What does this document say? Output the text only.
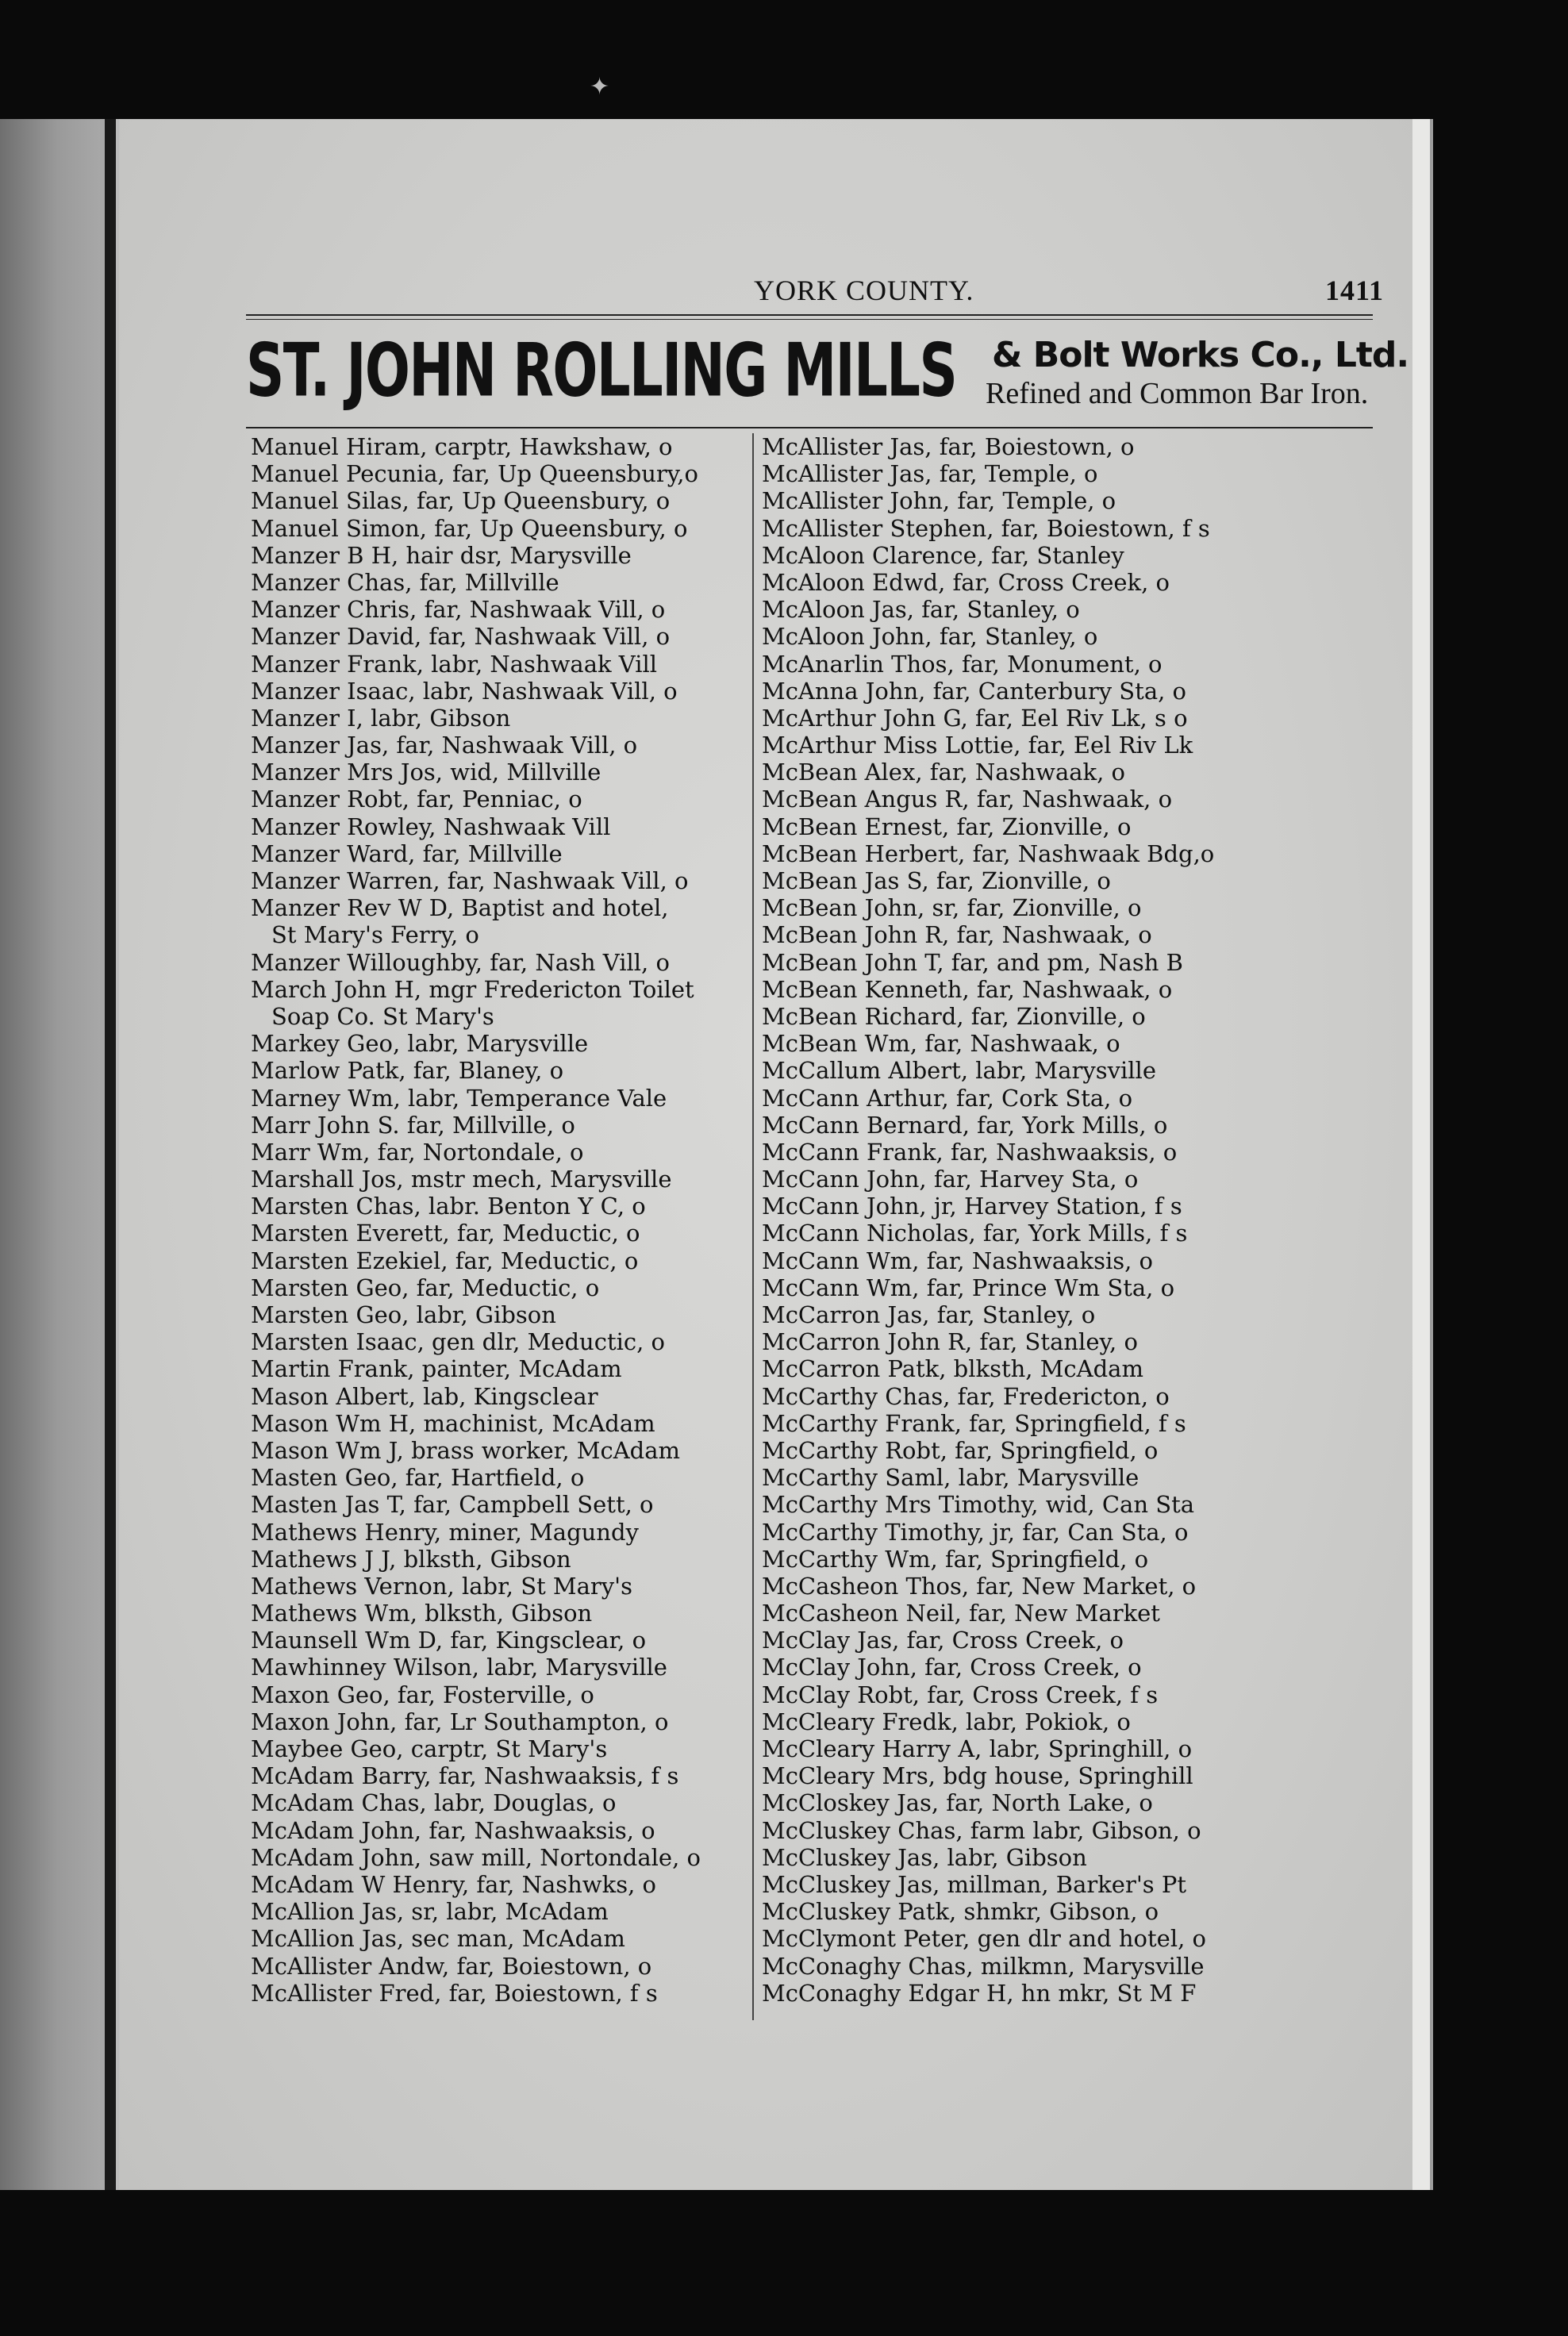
✦
YORK COUNTY.	1411
ST. JOHN ROLLING MILLS & Bolt Works Co., Ltd.
Refined and Common Bar Iron.
Manuel Hiram, carptr, Hawkshaw, o
Manuel Pecunia, far, Up Queensbury,o
Manuel Silas, far, Up Queensbury, o
Manuel Simon, far, Up Queensbury, o
Manzer B H, hair dsr, Marysville
Manzer Chas, far, Millville
Manzer Chris, far, Nashwaak Vill, o
Manzer David, far, Nashwaak Vill, o
Manzer Frank, labr, Nashwaak Vill
Manzer Isaac, labr, Nashwaak Vill, o
Manzer I, labr, Gibson
Manzer Jas, far, Nashwaak Vill, o
Manzer Mrs Jos, wid, Millville
Manzer Robt, far, Penniac, o
Manzer Rowley, Nashwaak Vill
Manzer Ward, far, Millville
Manzer Warren, far, Nashwaak Vill, o
Manzer Rev W D, Baptist and hotel,
St Mary's Ferry, o
Manzer Willoughby, far, Nash Vill, o
March John H, mgr Fredericton Toilet
Soap Co. St Mary's
Markey Geo, labr, Marysville
Marlow Patk, far, Blaney, o
Marney Wm, labr, Temperance Vale
Marr John S. far, Millville, o
Marr Wm, far, Nortondale, o
Marshall Jos, mstr mech, Marysville
Marsten Chas, labr. Benton Y C, o
Marsten Everett, far, Meductic, o
Marsten Ezekiel, far, Meductic, o
Marsten Geo, far, Meductic, o
Marsten Geo, labr, Gibson
Marsten Isaac, gen dlr, Meductic, o
Martin Frank, painter, McAdam
Mason Albert, lab, Kingsclear
Mason Wm H, machinist, McAdam
Mason Wm J, brass worker, McAdam
Masten Geo, far, Hartfield, o
Masten Jas T, far, Campbell Sett, o
Mathews Henry, miner, Magundy
Mathews J J, blksth, Gibson
Mathews Vernon, labr, St Mary's
Mathews Wm, blksth, Gibson
Maunsell Wm D, far, Kingsclear, o
Mawhinney Wilson, labr, Marysville
Maxon Geo, far, Fosterville, o
Maxon John, far, Lr Southampton, o
Maybee Geo, carptr, St Mary's
McAdam Barry, far, Nashwaaksis, f s
McAdam Chas, labr, Douglas, o
McAdam John, far, Nashwaaksis, o
McAdam John, saw mill, Nortondale, o
McAdam W Henry, far, Nashwks, o
McAllion Jas, sr, labr, McAdam
McAllion Jas, sec man, McAdam
McAllister Andw, far, Boiestown, o
McAllister Fred, far, Boiestown, f s
McAllister Jas, far, Boiestown, o
McAllister Jas, far, Temple, o
McAllister John, far, Temple, o
McAllister Stephen, far, Boiestown, f s
McAloon Clarence, far, Stanley
McAloon Edwd, far, Cross Creek, o
McAloon Jas, far, Stanley, o
McAloon John, far, Stanley, o
McAnarlin Thos, far, Monument, o
McAnna John, far, Canterbury Sta, o
McArthur John G, far, Eel Riv Lk, s o
McArthur Miss Lottie, far, Eel Riv Lk
McBean Alex, far, Nashwaak, o
McBean Angus R, far, Nashwaak, o
McBean Ernest, far, Zionville, o
McBean Herbert, far, Nashwaak Bdg,o
McBean Jas S, far, Zionville, o
McBean John, sr, far, Zionville, o
McBean John R, far, Nashwaak, o
McBean John T, far, and pm, Nash B
McBean Kenneth, far, Nashwaak, o
McBean Richard, far, Zionville, o
McBean Wm, far, Nashwaak, o
McCallum Albert, labr, Marysville
McCann Arthur, far, Cork Sta, o
McCann Bernard, far, York Mills, o
McCann Frank, far, Nashwaaksis, o
McCann John, far, Harvey Sta, o
McCann John, jr, Harvey Station, f s
McCann Nicholas, far, York Mills, f s
McCann Wm, far, Nashwaaksis, o
McCann Wm, far, Prince Wm Sta, o
McCarron Jas, far, Stanley, o
McCarron John R, far, Stanley, o
McCarron Patk, blksth, McAdam
McCarthy Chas, far, Fredericton, o
McCarthy Frank, far, Springfield, f s
McCarthy Robt, far, Springfield, o
McCarthy Saml, labr, Marysville
McCarthy Mrs Timothy, wid, Can Sta
McCarthy Timothy, jr, far, Can Sta, o
McCarthy Wm, far, Springfield, o
McCasheon Thos, far, New Market, o
McCasheon Neil, far, New Market
McClay Jas, far, Cross Creek, o
McClay John, far, Cross Creek, o
McClay Robt, far, Cross Creek, f s
McCleary Fredk, labr, Pokiok, o
McCleary Harry A, labr, Springhill, o
McCleary Mrs, bdg house, Springhill
McCloskey Jas, far, North Lake, o
McCluskey Chas, farm labr, Gibson, o
McCluskey Jas, labr, Gibson
McCluskey Jas, millman, Barker's Pt
McCluskey Patk, shmkr, Gibson, o
McClymont Peter, gen dlr and hotel, o
McConaghy Chas, milkmn, Marysville
McConaghy Edgar H, hn mkr, St M F
